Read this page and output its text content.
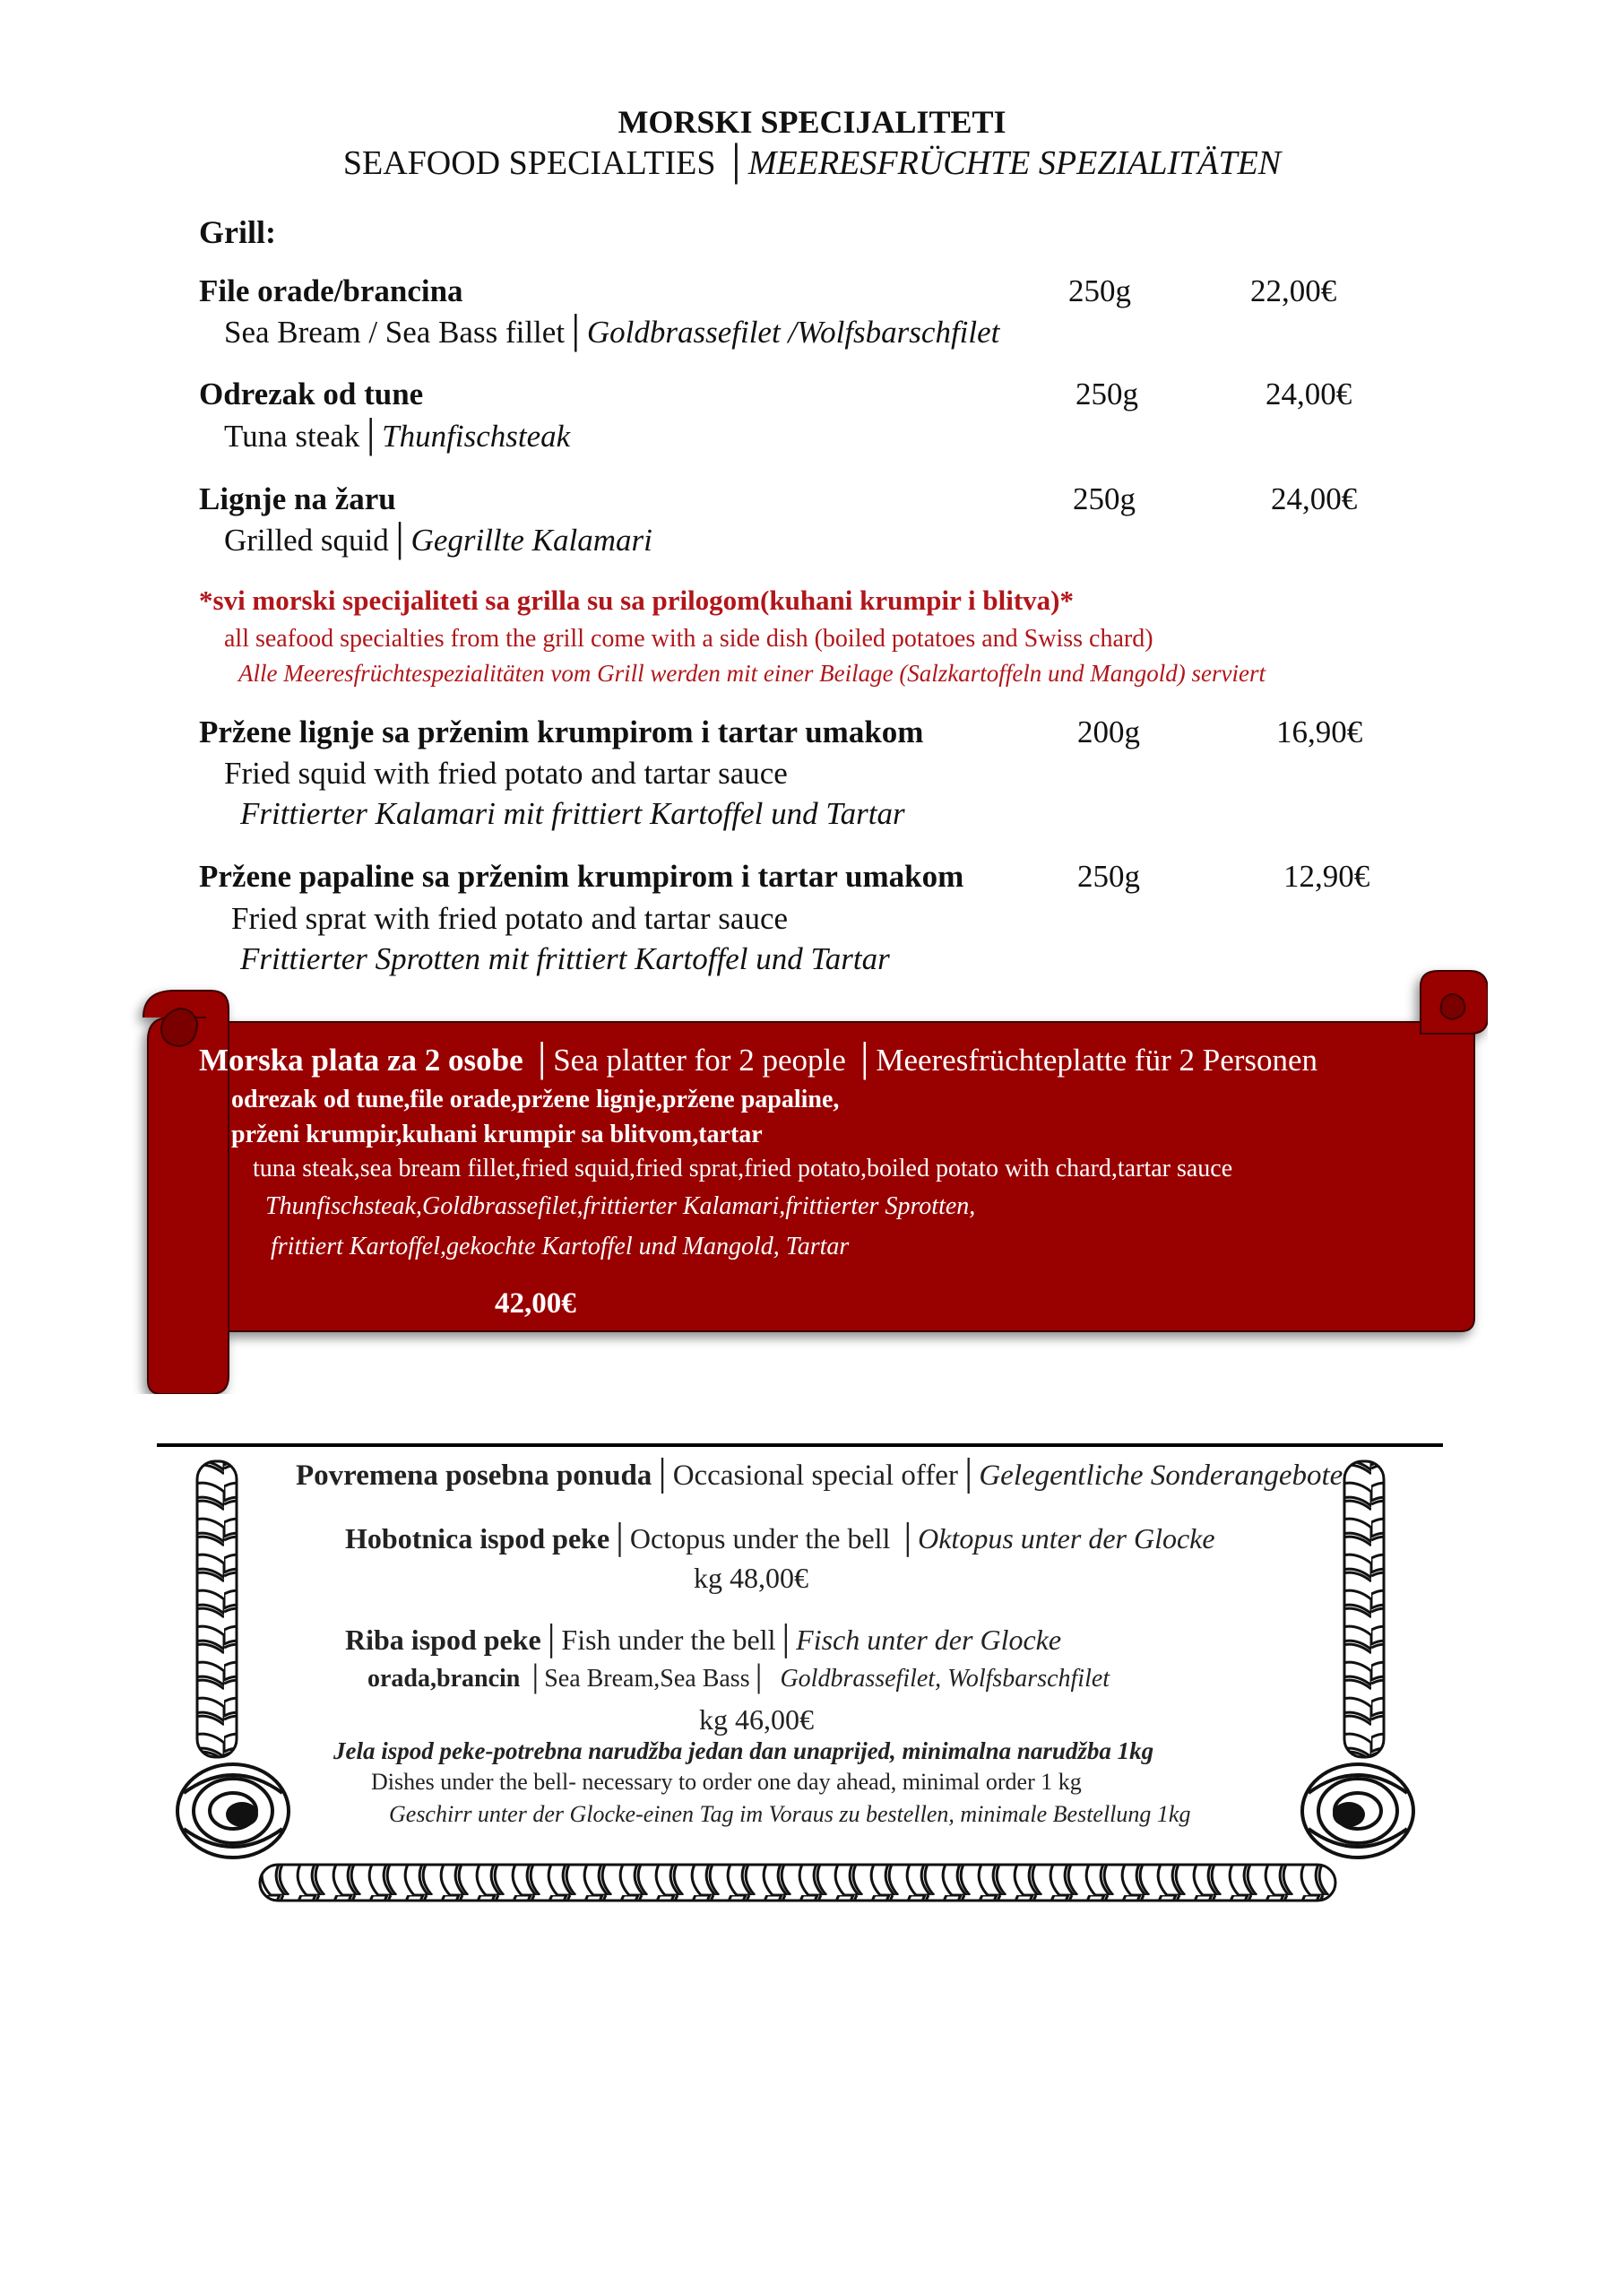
MORSKI SPECIJALITETI
SEAFOOD SPECIALTIES │MEERESFRÜCHTE SPEZIALITÄTEN
Grill:
File orade/brancina	250g	22,00€
Sea Bream / Sea Bass fillet│Goldbrassefilet /Wolfsbarschfilet
Odrezak od tune	250g	24,00€
Tuna steak│Thunfischsteak
Lignje na žaru	250g	24,00€
Grilled squid│Gegrillte Kalamari
*svi morski specijaliteti sa grilla su sa prilogom(kuhani krumpir i blitva)*
all seafood specialties from the grill come with a side dish (boiled potatoes and Swiss chard)
Alle Meeresfrüchtespezialitäten vom Grill werden mit einer Beilage (Salzkartoffeln und Mangold) serviert
Pržene lignje sa prženim krumpirom i tartar umakom	200g	16,90€
Fried squid with fried potato and tartar sauce
Frittierter Kalamari mit frittiert Kartoffel und Tartar
Pržene papaline sa prženim krumpirom i tartar umakom	250g	12,90€
Fried sprat with fried potato and tartar sauce
Frittierter Sprotten mit frittiert Kartoffel und Tartar
Morska plata za 2 osobe │Sea platter for 2 people │Meeresfrüchteplatte für 2 Personen
odrezak od tune,file orade,pržene lignje,pržene papaline,
prženi krumpir,kuhani krumpir sa blitvom,tartar
tuna steak,sea bream fillet,fried squid,fried sprat,fried potato,boiled potato with chard,tartar sauce
Thunfischsteak,Goldbrassefilet,frittierter Kalamari,frittierter Sprotten,
frittiert Kartoffel,gekochte Kartoffel und Mangold, Tartar
42,00€
Povremena posebna ponuda│Occasional special offer│Gelegentliche Sonderangebote
Hobotnica ispod peke│Octopus under the bell │Oktopus unter der Glocke
kg 48,00€
Riba ispod peke│Fish under the bell│Fisch unter der Glocke
orada,brancin │Sea Bream,Sea Bass│ Goldbrassefilet, Wolfsbarschfilet
kg 46,00€
Jela ispod peke-potrebna narudžba jedan dan unaprijed, minimalna narudžba 1kg
Dishes under the bell- necessary to order one day ahead, minimal order 1 kg
Geschirr unter der Glocke-einen Tag im Voraus zu bestellen, minimale Bestellung 1kg
